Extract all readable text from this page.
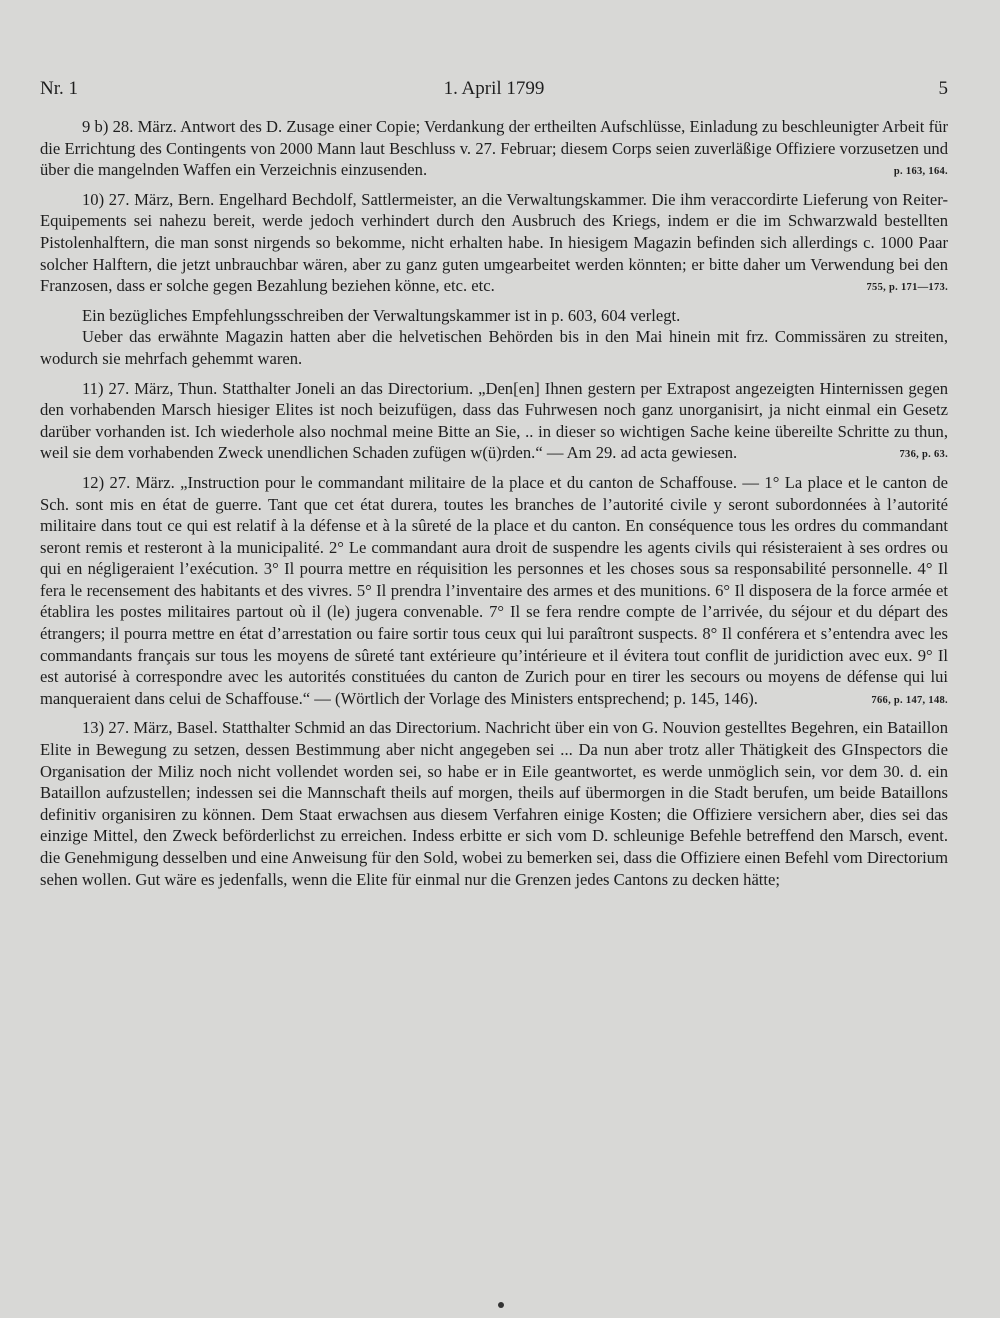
Nr. 1	1. April 1799	5

9 b) 28. März. Antwort des D. Zusage einer Copie; Verdankung der ertheilten Aufschlüsse, Einladung zu beschleunigter Arbeit für die Errichtung des Contingents von 2000 Mann laut Beschluss v. 27. Februar; diesem Corps seien zuverläßige Offiziere vorzusetzen und über die mangelnden Waffen ein Verzeichnis einzusenden.	p. 163, 164.

10) 27. März, Bern. Engelhard Bechdolf, Sattlermeister, an die Verwaltungskammer. Die ihm veraccordirte Lieferung von Reiter-Equipements sei nahezu bereit, werde jedoch verhindert durch den Ausbruch des Kriegs, indem er die im Schwarzwald bestellten Pistolenhalftern, die man sonst nirgends so bekomme, nicht erhalten habe. In hiesigem Magazin befinden sich allerdings c. 1000 Paar solcher Halftern, die jetzt unbrauchbar wären, aber zu ganz guten umgearbeitet werden könnten; er bitte daher um Verwendung bei den Franzosen, dass er solche gegen Bezahlung beziehen könne, etc. etc.	755, p. 171—173.

Ein bezügliches Empfehlungsschreiben der Verwaltungskammer ist in p. 603, 604 verlegt.

Ueber das erwähnte Magazin hatten aber die helvetischen Behörden bis in den Mai hinein mit frz. Commissären zu streiten, wodurch sie mehrfach gehemmt waren.

11) 27. März, Thun. Statthalter Joneli an das Directorium. „Den[en] Ihnen gestern per Extrapost angezeigten Hinternissen gegen den vorhabenden Marsch hiesiger Elites ist noch beizufügen, dass das Fuhrwesen noch ganz unorganisirt, ja nicht einmal ein Gesetz darüber vorhanden ist. Ich wiederhole also nochmal meine Bitte an Sie, .. in dieser so wichtigen Sache keine übereilte Schritte zu thun, weil sie dem vorhabenden Zweck unendlichen Schaden zufügen w(ü)rden.“ — Am 29. ad acta gewiesen.	736, p. 63.

12) 27. März. „Instruction pour le commandant militaire de la place et du canton de Schaffouse. — 1° La place et le canton de Sch. sont mis en état de guerre. Tant que cet état durera, toutes les branches de l’autorité civile y seront subordonnées à l’autorité militaire dans tout ce qui est relatif à la défense et à la sûreté de la place et du canton. En conséquence tous les ordres du commandant seront remis et resteront à la municipalité. 2° Le commandant aura droit de suspendre les agents civils qui résisteraient à ses ordres ou qui en négligeraient l’exécution. 3° Il pourra mettre en réquisition les personnes et les choses sous sa responsabilité personnelle. 4° Il fera le recensement des habitants et des vivres. 5° Il prendra l’inventaire des armes et des munitions. 6° Il disposera de la force armée et établira les postes militaires partout où il (le) jugera convenable. 7° Il se fera rendre compte de l’arrivée, du séjour et du départ des étrangers; il pourra mettre en état d’arrestation ou faire sortir tous ceux qui lui paraîtront suspects. 8° Il conférera et s’entendra avec les commandants français sur tous les moyens de sûreté tant extérieure qu’intérieure et il évitera tout conflit de juridiction avec eux. 9° Il est autorisé à correspondre avec les autorités constituées du canton de Zurich pour en tirer les secours ou moyens de défense qui lui manqueraient dans celui de Schaffouse.“ — (Wörtlich der Vorlage des Ministers entsprechend; p. 145, 146).	766, p. 147, 148.

13) 27. März, Basel. Statthalter Schmid an das Directorium. Nachricht über ein von G. Nouvion gestelltes Begehren, ein Bataillon Elite in Bewegung zu setzen, dessen Bestimmung aber nicht angegeben sei ... Da nun aber trotz aller Thätigkeit des GInspectors die Organisation der Miliz noch nicht vollendet worden sei, so habe er in Eile geantwortet, es werde unmöglich sein, vor dem 30. d. ein Bataillon aufzustellen; indessen sei die Mannschaft theils auf morgen, theils auf übermorgen in die Stadt berufen, um beide Bataillons definitiv organisiren zu können. Dem Staat erwachsen aus diesem Verfahren einige Kosten; die Offiziere versichern aber, dies sei das einzige Mittel, den Zweck beförderlichst zu erreichen. Indess erbitte er sich vom D. schleunige Befehle betreffend den Marsch, event. die Genehmigung desselben und eine Anweisung für den Sold, wobei zu bemerken sei, dass die Offiziere einen Befehl vom Directorium sehen wollen. Gut wäre es jedenfalls, wenn die Elite für einmal nur die Grenzen jedes Cantons zu decken hätte;
